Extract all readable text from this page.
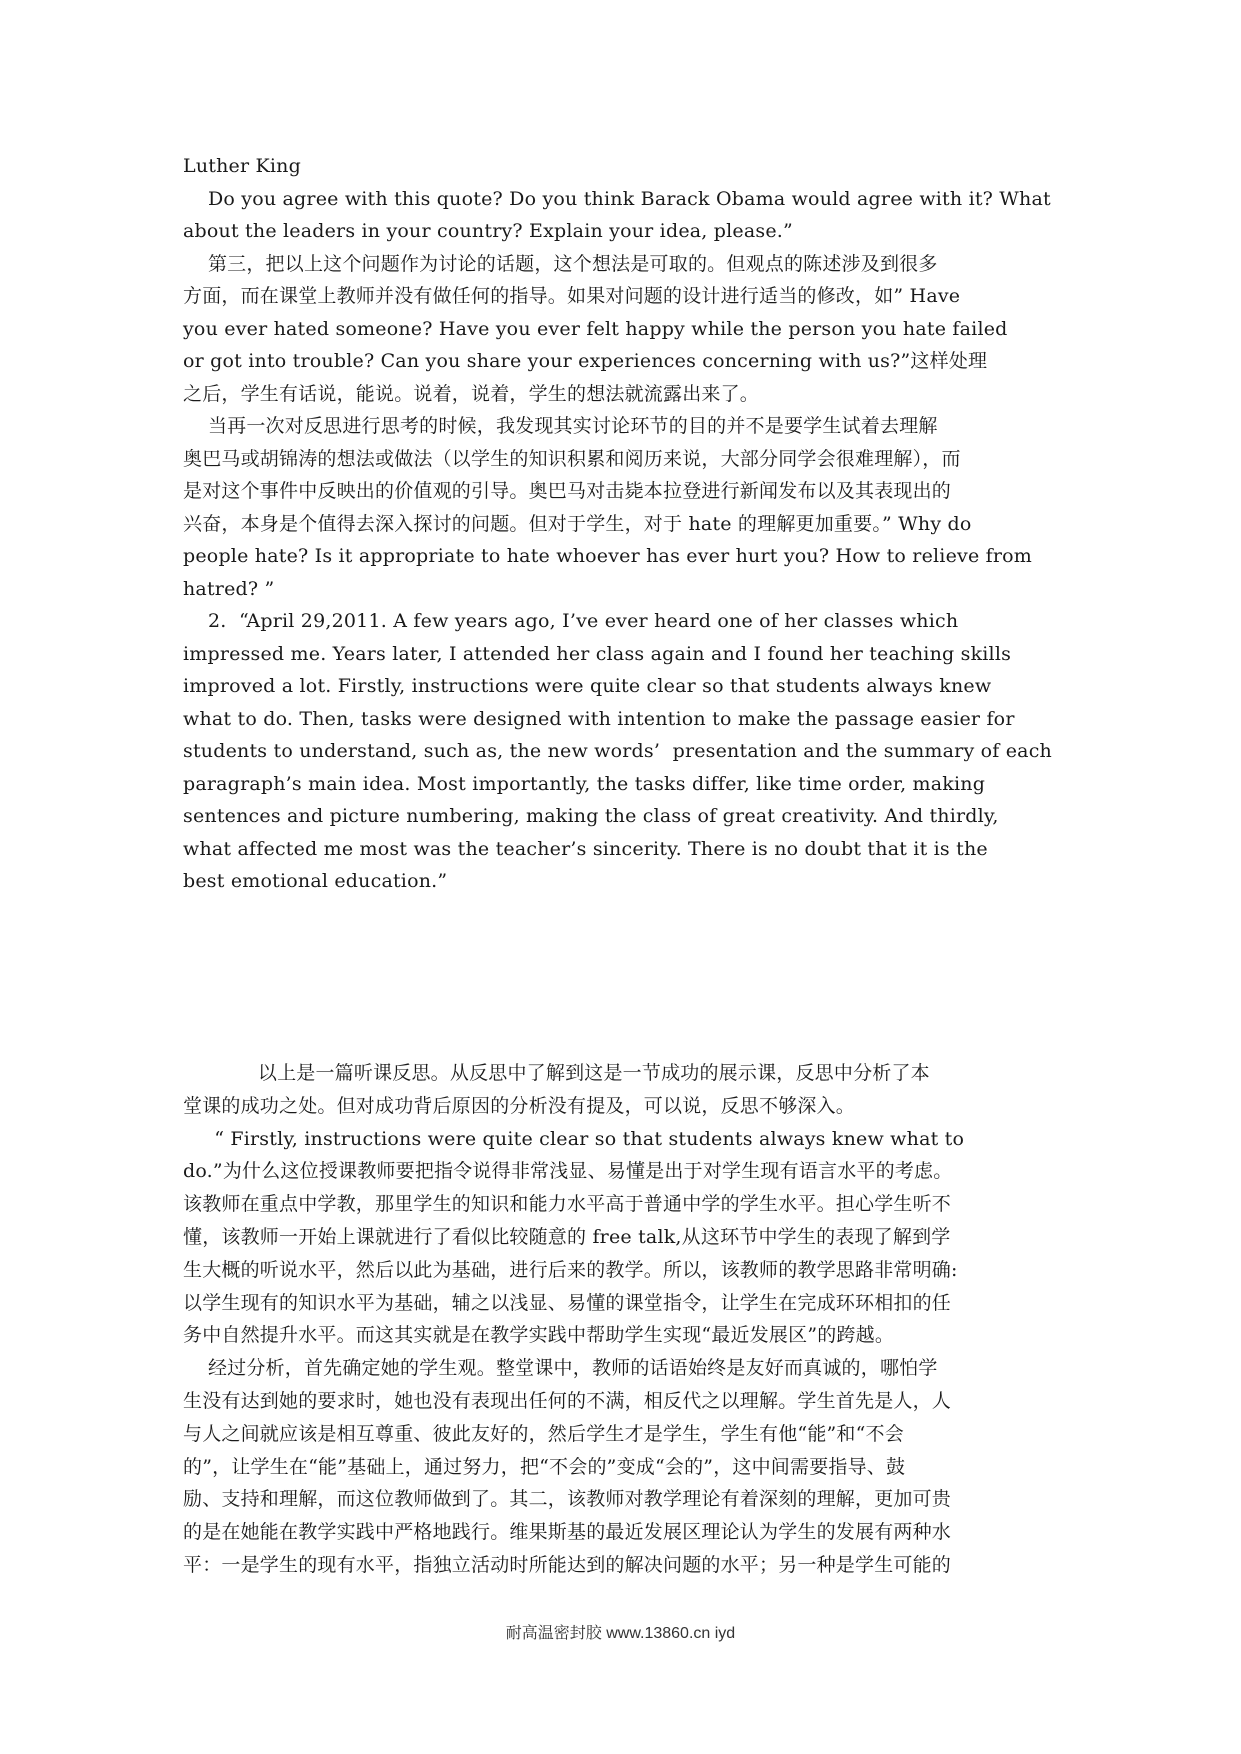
Luther King
Do you agree with this quote? Do you think Barack Obama would agree with it? What
about the leaders in your country? Explain your idea, please.”
第三，把以上这个问题作为讨论的话题，这个想法是可取的。但观点的陈述涉及到很多
方面，而在课堂上教师并没有做任何的指导。如果对问题的设计进行适当的修改，如” Have
you ever hated someone? Have you ever felt happy while the person you hate failed
or got into trouble? Can you share your experiences concerning with us?”这样处理
之后，学生有话说，能说。说着，说着，学生的想法就流露出来了。
当再一次对反思进行思考的时候，我发现其实讨论环节的目的并不是要学生试着去理解
奥巴马或胡锦涛的想法或做法（以学生的知识积累和阅历来说，大部分同学会很难理解），而
是对这个事件中反映出的价值观的引导。奥巴马对击毙本拉登进行新闻发布以及其表现出的
兴奋，本身是个值得去深入探讨的问题。但对于学生，对于 hate 的理解更加重要。” Why do
people hate? Is it appropriate to hate whoever has ever hurt you? How to relieve from
hatred? ”
2.  “April 29,2011. A few years ago, I’ve ever heard one of her classes which
impressed me. Years later, I attended her class again and I found her teaching skills
improved a lot. Firstly, instructions were quite clear so that students always knew
what to do. Then, tasks were designed with intention to make the passage easier for
students to understand, such as, the new words’  presentation and the summary of each
paragraph’s main idea. Most importantly, the tasks differ, like time order, making
sentences and picture numbering, making the class of great creativity. And thirdly,
what affected me most was the teacher’s sincerity. There is no doubt that it is the
best emotional education.”
以上是一篇听课反思。从反思中了解到这是一节成功的展示课，反思中分析了本
堂课的成功之处。但对成功背后原因的分析没有提及，可以说，反思不够深入。
“ Firstly, instructions were quite clear so that students always knew what to
do.”为什么这位授课教师要把指令说得非常浅显、易懂是出于对学生现有语言水平的考虑。
该教师在重点中学教，那里学生的知识和能力水平高于普通中学的学生水平。担心学生听不
懂，该教师一开始上课就进行了看似比较随意的 free talk,从这环节中学生的表现了解到学
生大概的听说水平，然后以此为基础，进行后来的教学。所以，该教师的教学思路非常明确:
以学生现有的知识水平为基础，辅之以浅显、易懂的课堂指令，让学生在完成环环相扣的任
务中自然提升水平。而这其实就是在教学实践中帮助学生实现“最近发展区”的跨越。
经过分析，首先确定她的学生观。整堂课中，教师的话语始终是友好而真诚的，哪怕学
生没有达到她的要求时，她也没有表现出任何的不满，相反代之以理解。学生首先是人，人
与人之间就应该是相互尊重、彼此友好的，然后学生才是学生，学生有他“能”和“不会
的”，让学生在“能”基础上，通过努力，把“不会的”变成“会的”，这中间需要指导、鼓
励、支持和理解，而这位教师做到了。其二，该教师对教学理论有着深刻的理解，更加可贵
的是在她能在教学实践中严格地践行。维果斯基的最近发展区理论认为学生的发展有两种水
平：一是学生的现有水平，指独立活动时所能达到的解决问题的水平；另一种是学生可能的
耐高温密封胶 www.13860.cn iyd
